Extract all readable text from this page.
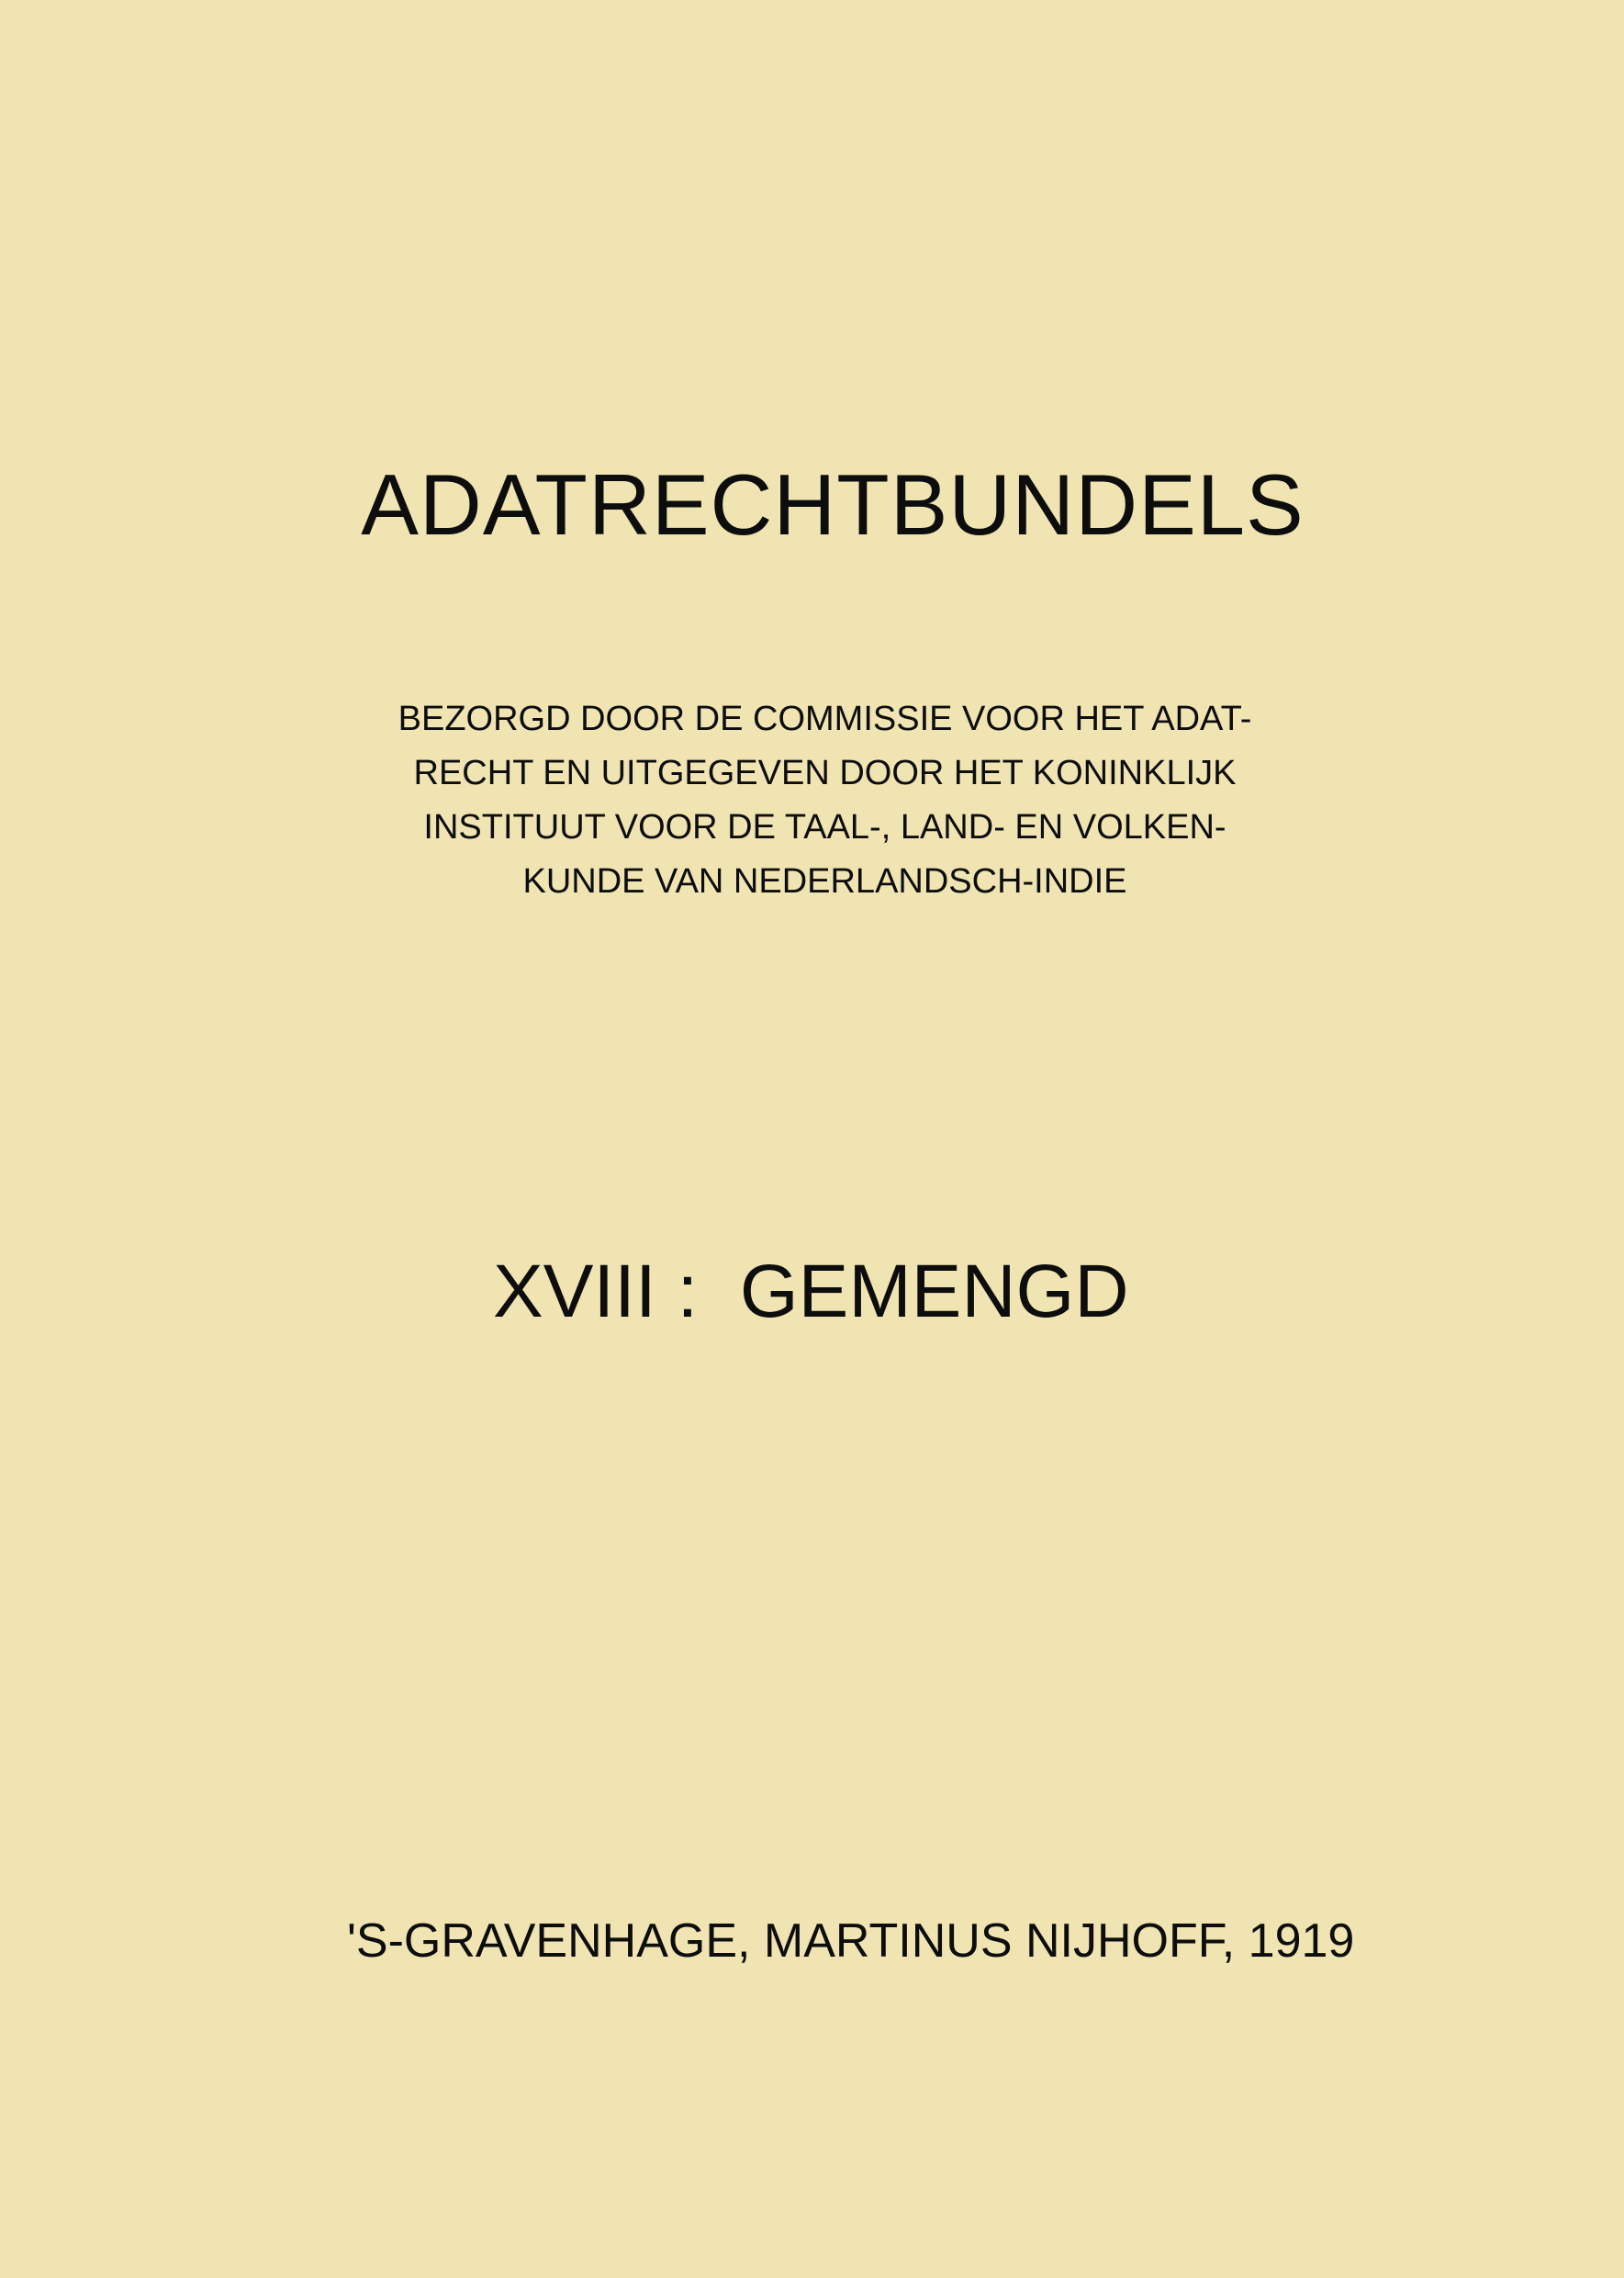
ADATRECHTBUNDELS
BEZORGD DOOR DE COMMISSIE VOOR HET ADAT-
RECHT EN UITGEGEVEN DOOR HET KONINKLIJK
INSTITUUT VOOR DE TAAL-, LAND- EN VOLKEN-
KUNDE VAN NEDERLANDSCH-INDIE
XVIII :  GEMENGD
'S-GRAVENHAGE, MARTINUS NIJHOFF, 1919
